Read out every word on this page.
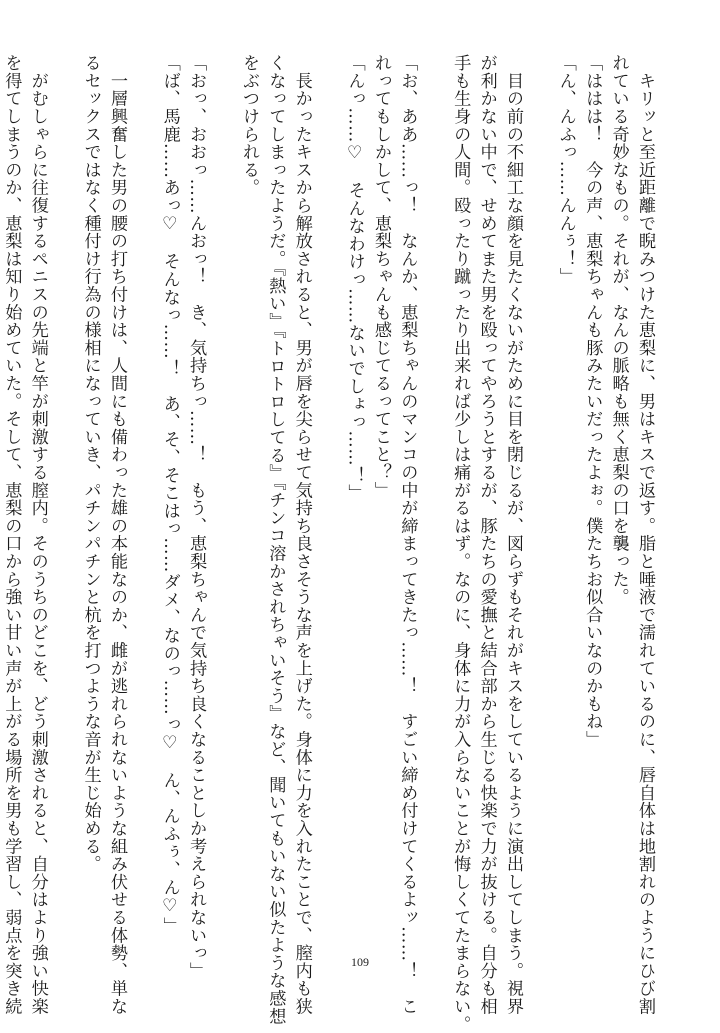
　キリッと至近距離で睨みつけた恵梨に、男はキスで返す。脂と唾液で濡れているのに、唇自体は地割れのようにひび割
れている奇妙なもの。それが、なんの脈略も無く恵梨の口を襲った。
「ははは！　今の声、恵梨ちゃんも豚みたいだったよぉ。僕たちお似合いなのかもね」
「ん、んふっ……んんぅ！」
　目の前の不細工な顔を見たくないがために目を閉じるが、図らずもそれがキスをしているように演出してしまう。視界
が利かない中で、せめてまた男を殴ってやろうとするが、豚たちの愛撫と結合部から生じる快楽で力が抜ける。自分も相
手も生身の人間。殴ったり蹴ったり出来れば少しは痛がるはず。なのに、身体に力が入らないことが悔しくてたまらない。
「お、ああ……っ！　なんか、恵梨ちゃんのマンコの中が締まってきたっ……！　すごい締め付けてくるよッ……！　こ
れってもしかして、恵梨ちゃんも感じてるってこと？」
「んっ……♡　そんなわけっ……ないでしょっ……！」
　長かったキスから解放されると、男が唇を尖らせて気持ち良さそうな声を上げた。身体に力を入れたことで、膣内も狭
くなってしまったようだ。『熱い』『トロトロしてる』『チンコ溶かされちゃいそう』など、聞いてもいない似たような感想
をぶつけられる。
「おっ、おおっ……んおっ！　き、気持ちっ……！　もう、恵梨ちゃんで気持ち良くなることしか考えられないっ」
「ば、馬鹿……あっ♡　そんなっ……！　あ、そ、そこはっ……ダメ、なのっ……っ♡　ん、んふぅ、ん♡」
　一層興奮した男の腰の打ち付けは、人間にも備わった雄の本能なのか、雌が逃れられないような組み伏せる体勢、単な
るセックスではなく種付け行為の様相になっていき、パチンパチンと杭を打つような音が生じ始める。
　がむしゃらに往復するペニスの先端と竿が刺激する膣内。そのうちのどこを、どう刺激されると、自分はより強い快楽
を得てしまうのか、恵梨は知り始めていた。そして、恵梨の口から強い甘い声が上がる場所を男も学習し、弱点を突き続	109
